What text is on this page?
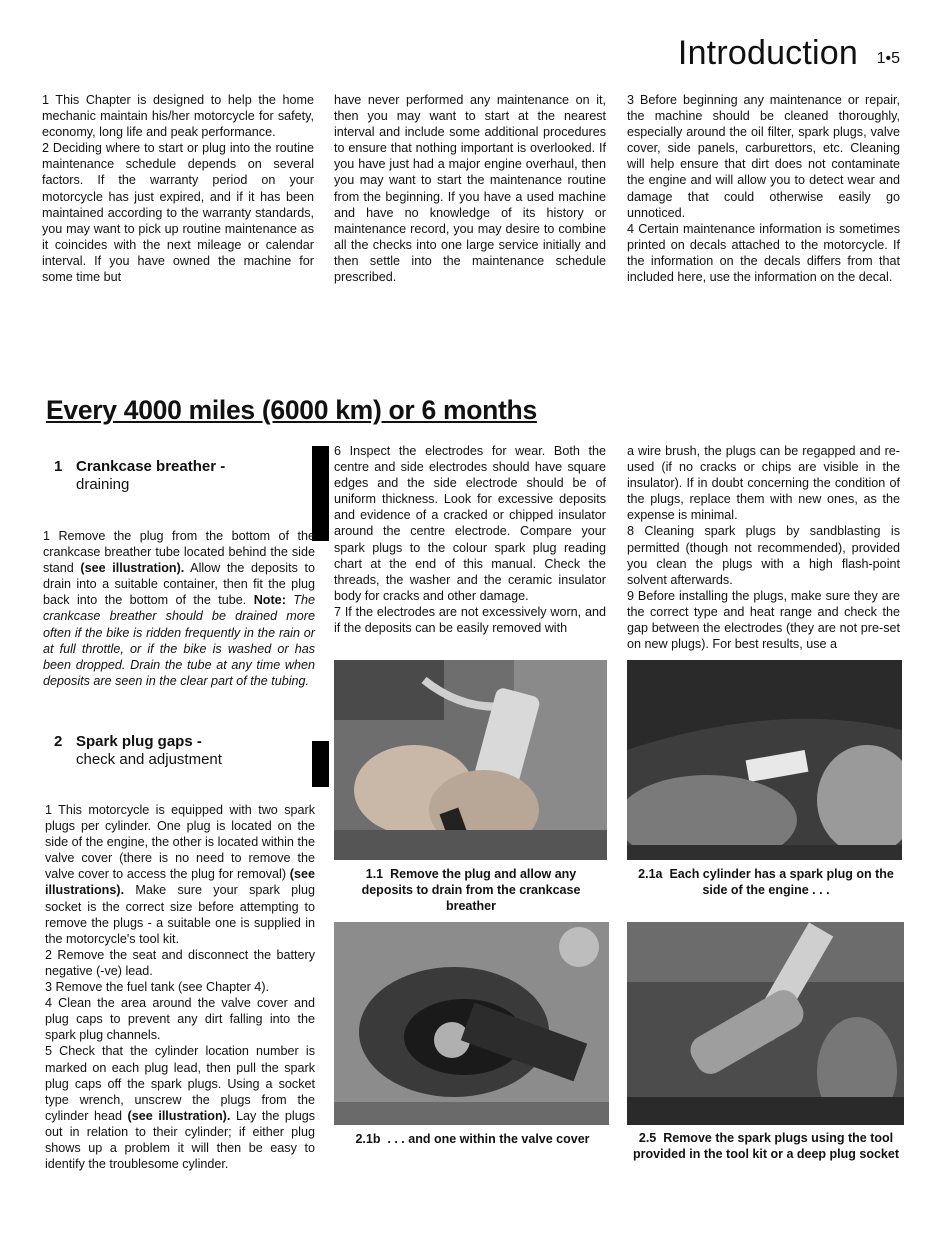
Introduction 1•5

1 This Chapter is designed to help the home mechanic maintain his/her motorcycle for safety, economy, long life and peak performance.

2 Deciding where to start or plug into the routine maintenance schedule depends on several factors. If the warranty period on your motorcycle has just expired, and if it has been maintained according to the warranty standards, you may want to pick up routine maintenance as it coincides with the next mileage or calendar interval. If you have owned the machine for some time but

have never performed any maintenance on it, then you may want to start at the nearest interval and include some additional procedures to ensure that nothing important is overlooked. If you have just had a major engine overhaul, then you may want to start the maintenance routine from the beginning. If you have a used machine and have no knowledge of its history or maintenance record, you may desire to combine all the checks into one large service initially and then settle into the maintenance schedule prescribed.

3 Before beginning any maintenance or repair, the machine should be cleaned thoroughly, especially around the oil filter, spark plugs, valve cover, side panels, carburettors, etc. Cleaning will help ensure that dirt does not contaminate the engine and will allow you to detect wear and damage that could otherwise easily go unnoticed.

4 Certain maintenance information is sometimes printed on decals attached to the motorcycle. If the information on the decals differs from that included here, use the information on the decal.

Every 4000 miles (6000 km) or 6 months
1 Crankcase breather -
draining

1 Remove the plug from the bottom of the crankcase breather tube located behind the side stand (see illustration). Allow the deposits to drain into a suitable container, then fit the plug back into the bottom of the tube. Note: The crankcase breather should be drained more often if the bike is ridden frequently in the rain or at full throttle, or if the bike is washed or has been dropped. Drain the tube at any time when deposits are seen in the clear part of the tubing.

2 Spark plug gaps -
check and adjustment

1 This motorcycle is equipped with two spark plugs per cylinder. One plug is located on the side of the engine, the other is located within the valve cover (there is no need to remove the valve cover to access the plug for removal) (see illustrations). Make sure your spark plug socket is the correct size before attempting to remove the plugs - a suitable one is supplied in the motorcycle's tool kit.

2 Remove the seat and disconnect the battery negative (-ve) lead.

3 Remove the fuel tank (see Chapter 4).

4 Clean the area around the valve cover and plug caps to prevent any dirt falling into the spark plug channels.

5 Check that the cylinder location number is marked on each plug lead, then pull the spark plug caps off the spark plugs. Using a socket type wrench, unscrew the plugs from the cylinder head (see illustration). Lay the plugs out in relation to their cylinder; if either plug shows up a problem it will then be easy to identify the troublesome cylinder.

6 Inspect the electrodes for wear. Both the centre and side electrodes should have square edges and the side electrode should be of uniform thickness. Look for excessive deposits and evidence of a cracked or chipped insulator around the centre electrode. Compare your spark plugs to the colour spark plug reading chart at the end of this manual. Check the threads, the washer and the ceramic insulator body for cracks and other damage.

7 If the electrodes are not excessively worn, and if the deposits can be easily removed with

a wire brush, the plugs can be regapped and re-used (if no cracks or chips are visible in the insulator). If in doubt concerning the condition of the plugs, replace them with new ones, as the expense is minimal.

8 Cleaning spark plugs by sandblasting is permitted (though not recommended), provided you clean the plugs with a high flash-point solvent afterwards.

9 Before installing the plugs, make sure they are the correct type and heat range and check the gap between the electrodes (they are not pre-set on new plugs). For best results, use a

1.1 Remove the plug and allow any deposits to drain from the crankcase breather
2.1a Each cylinder has a spark plug on the side of the engine . . .
2.1b . . . and one within the valve cover	2.5 Remove the spark plugs using the tool provided in the tool kit or a deep plug socket
